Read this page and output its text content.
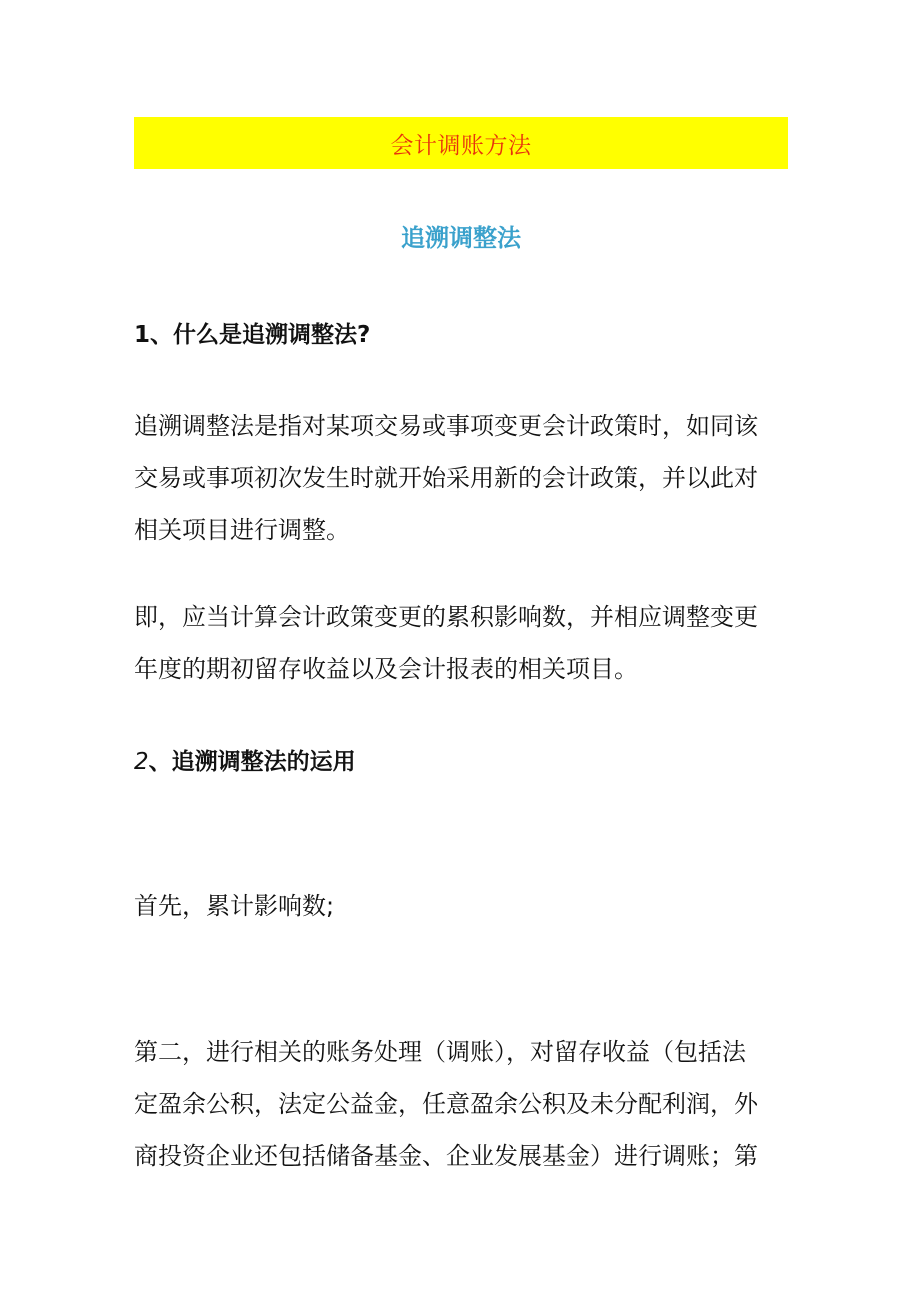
会计调账方法
追溯调整法
1、什么是追溯调整法?
追溯调整法是指对某项交易或事项变更会计政策时，如同该
交易或事项初次发生时就开始采用新的会计政策，并以此对
相关项目进行调整。
即，应当计算会计政策变更的累积影响数，并相应调整变更
年度的期初留存收益以及会计报表的相关项目。
2、追溯调整法的运用
首先，累计影响数;
第二，进行相关的账务处理（调账），对留存收益（包括法
定盈余公积，法定公益金，任意盈余公积及未分配利润，外
商投资企业还包括储备基金、企业发展基金）进行调账；第
